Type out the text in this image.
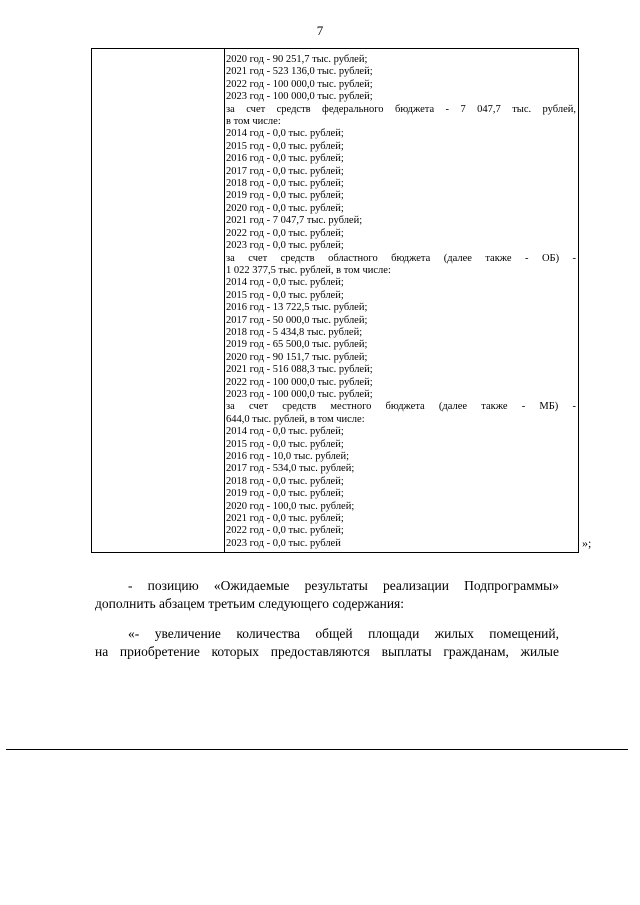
7
2020 год - 90 251,7 тыс. рублей;
2021 год - 523 136,0 тыс. рублей;
2022 год - 100 000,0 тыс. рублей;
2023 год - 100 000,0 тыс. рублей;
за счет средств федерального бюджета - 7 047,7 тыс. рублей,
в том числе:
2014 год - 0,0 тыс. рублей;
2015 год - 0,0 тыс. рублей;
2016 год - 0,0 тыс. рублей;
2017 год - 0,0 тыс. рублей;
2018 год - 0,0 тыс. рублей;
2019 год - 0,0 тыс. рублей;
2020 год - 0,0 тыс. рублей;
2021 год - 7 047,7 тыс. рублей;
2022 год - 0,0 тыс. рублей;
2023 год - 0,0 тыс. рублей;
за счет средств областного бюджета (далее также - ОБ) -
1 022 377,5 тыс. рублей, в том числе:
2014 год - 0,0 тыс. рублей;
2015 год - 0,0 тыс. рублей;
2016 год - 13 722,5 тыс. рублей;
2017 год - 50 000,0 тыс. рублей;
2018 год - 5 434,8 тыс. рублей;
2019 год - 65 500,0 тыс. рублей;
2020 год - 90 151,7 тыс. рублей;
2021 год - 516 088,3 тыс. рублей;
2022 год - 100 000,0 тыс. рублей;
2023 год - 100 000,0 тыс. рублей;
за счет средств местного бюджета (далее также - МБ) -
644,0 тыс. рублей, в том числе:
2014 год - 0,0 тыс. рублей;
2015 год - 0,0 тыс. рублей;
2016 год - 10,0 тыс. рублей;
2017 год - 534,0 тыс. рублей;
2018 год - 0,0 тыс. рублей;
2019 год - 0,0 тыс. рублей;
2020 год - 100,0 тыс. рублей;
2021 год - 0,0 тыс. рублей;
2022 год - 0,0 тыс. рублей;
2023 год - 0,0 тыс. рублей	»;
- позицию «Ожидаемые результаты реализации Подпрограммы»
дополнить абзацем третьим следующего содержания:
«- увеличение количества общей площади жилых помещений,
на приобретение которых предоставляются выплаты гражданам, жилые
